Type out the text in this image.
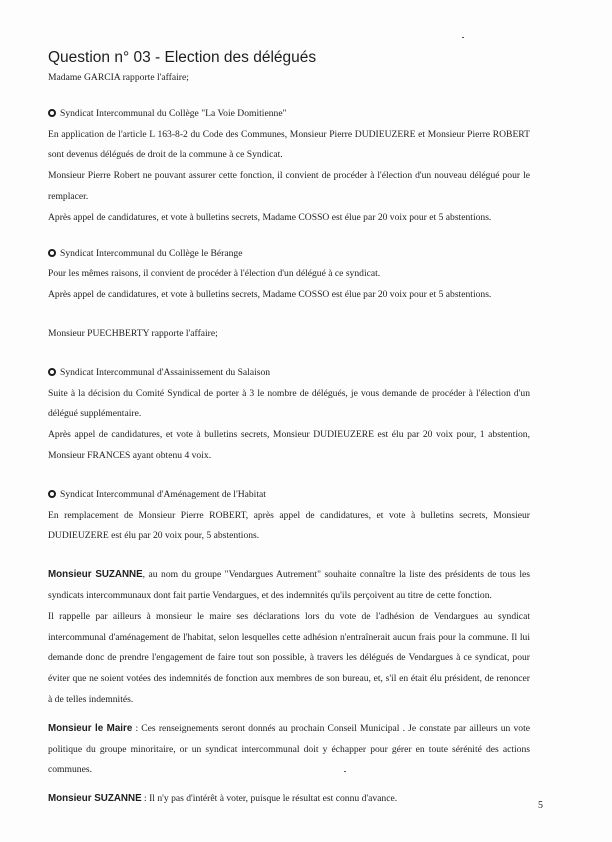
Question n° 03 - Election des délégués

Madame GARCIA rapporte l'affaire;

Syndicat Intercommunal du Collège "La Voie Domitienne"

En application de l'article L 163-8-2 du Code des Communes, Monsieur Pierre DUDIEUZERE et Monsieur Pierre ROBERT sont devenus délégués de droit de la commune à ce Syndicat.

Monsieur Pierre Robert ne pouvant assurer cette fonction, il convient de procéder à l'élection d'un nouveau délégué pour le remplacer.

Après appel de candidatures, et vote à bulletins secrets, Madame COSSO est élue par 20 voix pour et 5 abstentions.

Syndicat Intercommunal du Collège le Bérange

Pour les mêmes raisons, il convient de procéder à l'élection d'un délégué à ce syndicat.

Après appel de candidatures, et vote à bulletins secrets, Madame COSSO est élue par 20 voix pour et 5 abstentions.

Monsieur PUECHBERTY rapporte l'affaire;

Syndicat Intercommunal d'Assainissement du Salaison

Suite à la décision du Comité Syndical de porter à 3 le nombre de délégués, je vous demande de procéder à l'élection d'un délégué supplémentaire.

Après appel de candidatures, et vote à bulletins secrets, Monsieur DUDIEUZERE est élu par 20 voix pour, 1 abstention, Monsieur FRANCES ayant obtenu 4 voix.

Syndicat Intercommunal d'Aménagement de l'Habitat

En remplacement de Monsieur Pierre ROBERT, après appel de candidatures, et vote à bulletins secrets, Monsieur DUDIEUZERE est élu par 20 voix pour, 5 abstentions.

Monsieur SUZANNE, au nom du groupe "Vendargues Autrement" souhaite connaître la liste des présidents de tous les syndicats intercommunaux dont fait partie Vendargues, et des indemnités qu'ils perçoivent au titre de cette fonction.

Il rappelle par ailleurs à monsieur le maire ses déclarations lors du vote de l'adhésion de Vendargues au syndicat intercommunal d'aménagement de l'habitat, selon lesquelles cette adhésion n'entraînerait aucun frais pour la commune. Il lui demande donc de prendre l'engagement de faire tout son possible, à travers les délégués de Vendargues à ce syndicat, pour éviter que ne soient votées des indemnités de fonction aux membres de son bureau, et, s'il en était élu président, de renoncer à de telles indemnités.

Monsieur le Maire : Ces renseignements seront donnés au prochain Conseil Municipal . Je constate par ailleurs un vote politique du groupe minoritaire, or un syndicat intercommunal doit y échapper pour gérer en toute sérénité des actions communes.

Monsieur SUZANNE : Il n'y pas d'intérêt à voter, puisque le résultat est connu d'avance.

5
